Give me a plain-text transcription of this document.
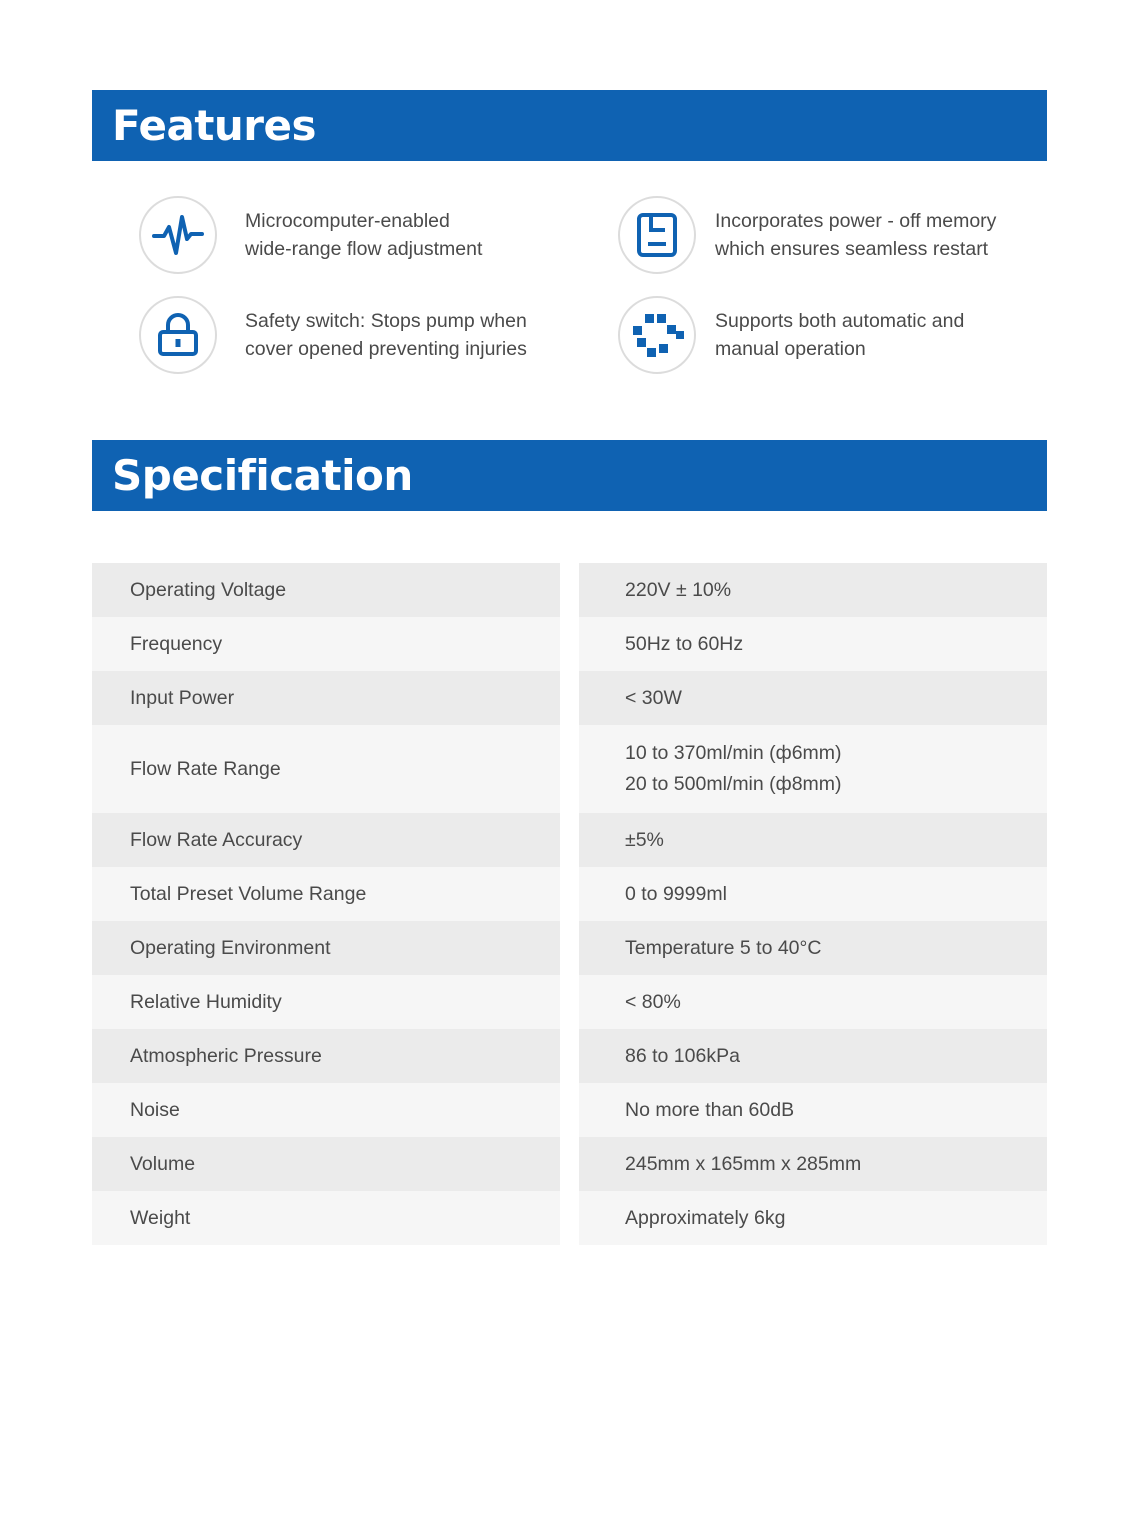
Features
Microcomputer-enabled
wide-range flow adjustment
Incorporates power - off memory
which ensures seamless restart
Safety switch: Stops pump when
cover opened preventing injuries
Supports both automatic and
manual operation
Specification
Operating Voltage
Frequency
Input Power
Flow Rate Range
Flow Rate Accuracy
Total Preset Volume Range
Operating Environment
Relative Humidity
Atmospheric Pressure
Noise
Volume
Weight
220V ± 10%
50Hz to 60Hz
< 30W
10 to 370ml/min (ф6mm)
20 to 500ml/min (ф8mm)
±5%
0 to 9999ml
Temperature 5 to 40°C
< 80%
86 to 106kPa
No more than 60dB
245mm x 165mm x 285mm
Approximately 6kg
